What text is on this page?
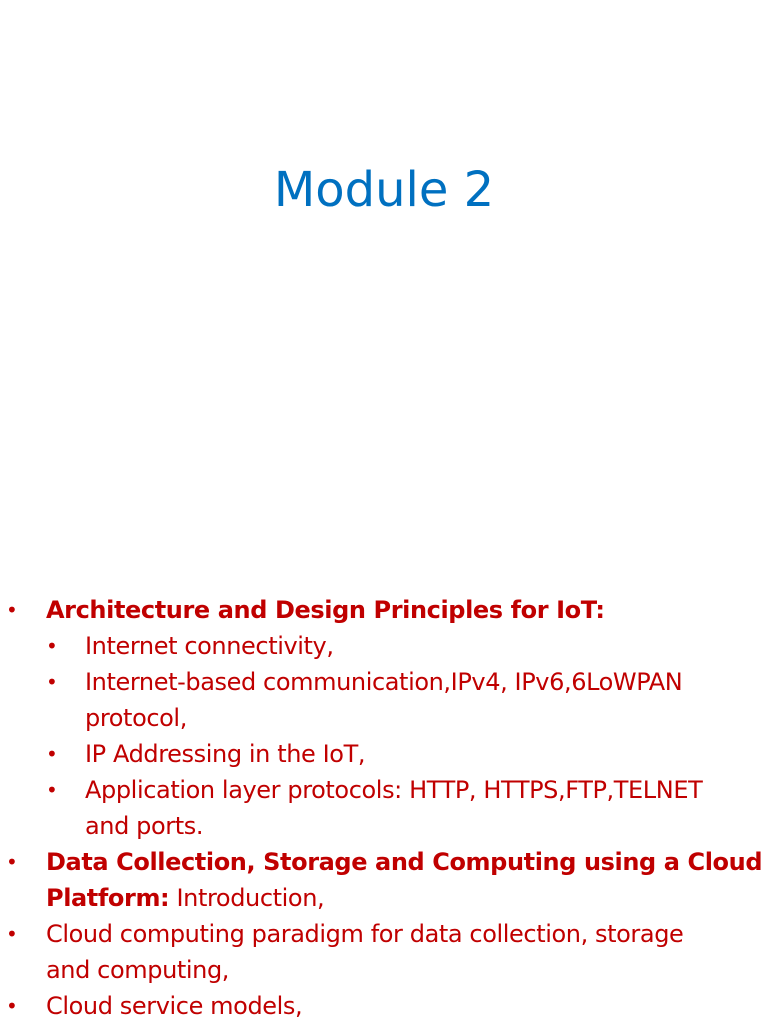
Module 2
• Architecture and Design Principles for IoT:
• Internet connectivity,
• Internet-based communication,IPv4, IPv6,6LoWPAN
protocol,
• IP Addressing in the IoT,
• Application layer protocols: HTTP, HTTPS,FTP,TELNET
and ports.
• Data Collection, Storage and Computing using a Cloud
Platform: Introduction,
• Cloud computing paradigm for data collection, storage
and computing,
• Cloud service models,
